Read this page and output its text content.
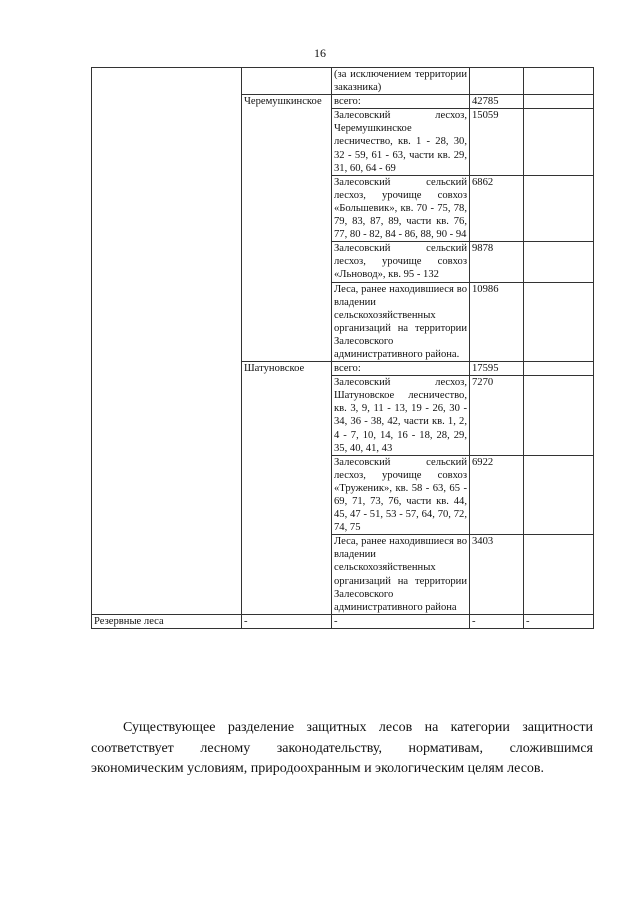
16
		(за исключением территории заказника)		
	Черемушкинское	всего:	42785	
		Залесовский лесхоз, Черемушкинское лесничество, кв. 1 - 28, 30, 32 - 59, 61 - 63, части кв. 29, 31, 60, 64 - 69	15059	
		Залесовский сельский лесхоз, урочище совхоз «Большевик», кв. 70 - 75, 78, 79, 83, 87, 89, части кв. 76, 77, 80 - 82, 84 - 86, 88, 90 - 94	6862	
		Залесовский сельский лесхоз, урочище совхоз «Льновод», кв. 95 - 132	9878	
		Леса, ранее находившиеся во владении сельскохозяйственных организаций на территории Залесовского административного района.	10986	
	Шатуновское	всего:	17595	
		Залесовский лесхоз, Шатуновское лесничество, кв. 3, 9, 11 - 13, 19 - 26, 30 - 34, 36 - 38, 42, части кв. 1, 2, 4 - 7, 10, 14, 16 - 18, 28, 29, 35, 40, 41, 43	7270	
		Залесовский сельский лесхоз, урочище совхоз «Труженик», кв. 58 - 63, 65 - 69, 71, 73, 76, части кв. 44, 45, 47 - 51, 53 - 57, 64, 70, 72, 74, 75	6922	
		Леса, ранее находившиеся во владении сельскохозяйственных организаций на территории Залесовского административного района	3403	
Резервные леса	-	-	-	-

Существующее разделение защитных лесов на категории защитности соответствует лесному законодательству, нормативам, сложившимся экономическим условиям, природоохранным и экологическим целям лесов.
